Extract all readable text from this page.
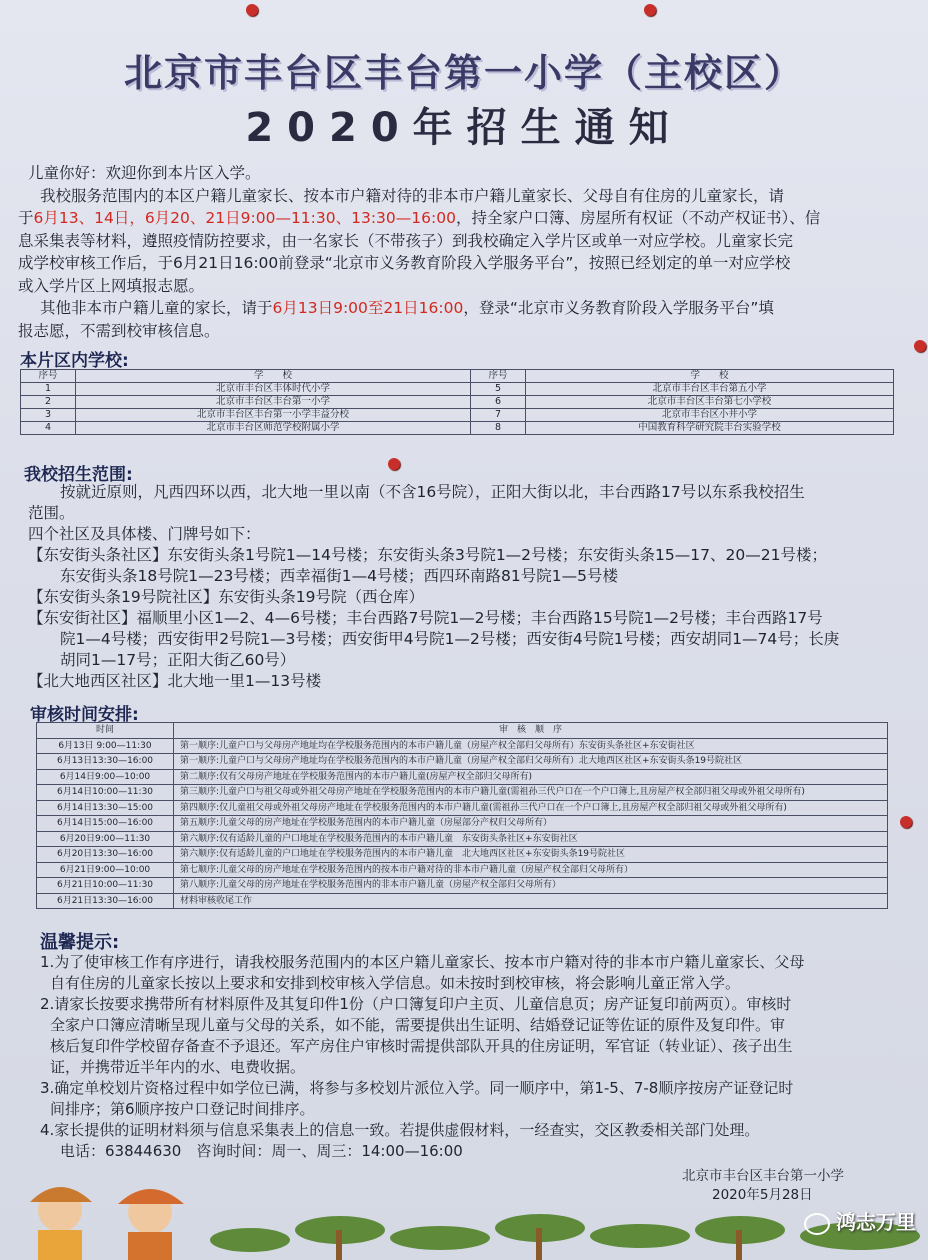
北京市丰台区丰台第一小学（主校区）
2020年招生通知
儿童你好：欢迎你到本片区入学。
我校服务范围内的本区户籍儿童家长、按本市户籍对待的非本市户籍儿童家长、父母自有住房的儿童家长，请
于6月13、14日，6月20、21日9:00—11:30、13:30—16:00，持全家户口簿、房屋所有权证（不动产权证书）、信
息采集表等材料，遵照疫情防控要求，由一名家长（不带孩子）到我校确定入学片区或单一对应学校。儿童家长完
成学校审核工作后，于6月21日16:00前登录“北京市义务教育阶段入学服务平台”，按照已经划定的单一对应学校
或入学片区上网填报志愿。
其他非本市户籍儿童的家长，请于6月13日9:00至21日16:00，登录“北京市义务教育阶段入学服务平台”填
报志愿，不需到校审核信息。
本片区内学校:
序号	学　　校	序号	学　　校
1	北京市丰台区丰体时代小学	5	北京市丰台区丰台第五小学
2	北京市丰台区丰台第一小学	6	北京市丰台区丰台第七小学校
3	北京市丰台区丰台第一小学丰益分校	7	北京市丰台区小井小学
4	北京市丰台区师范学校附属小学	8	中国教育科学研究院丰台实验学校
我校招生范围:
按就近原则，凡西四环以西，北大地一里以南（不含16号院），正阳大街以北，丰台西路17号以东系我校招生
范围。
四个社区及具体楼、门牌号如下：
【东安街头条社区】东安街头条1号院1—14号楼；东安街头条3号院1—2号楼；东安街头条15—17、20—21号楼；
东安街头条18号院1—23号楼；西幸福街1—4号楼；西四环南路81号院1—5号楼
【东安街头条19号院社区】东安街头条19号院（西仓库）
【东安街社区】福顺里小区1—2、4—6号楼；丰台西路7号院1—2号楼；丰台西路15号院1—2号楼；丰台西路17号
院1—4号楼；西安街甲2号院1—3号楼；西安街甲4号院1—2号楼；西安街4号院1号楼；西安胡同1—74号；长庚
胡同1—17号；正阳大街乙60号）
【北大地西区社区】北大地一里1—13号楼
审核时间安排:
时间	审　核　顺　序
6月13日 9:00—11:30	第一顺序:儿童户口与父母房产地址均在学校服务范围内的本市户籍儿童（房屋产权全部归父母所有）东安街头条社区+东安街社区
6月13日13:30—16:00	第一顺序:儿童户口与父母房产地址均在学校服务范围内的本市户籍儿童（房屋产权全部归父母所有）北大地西区社区+东安街头条19号院社区
6月14日9:00—10:00	第二顺序:仅有父母房产地址在学校服务范围内的本市户籍儿童(房屋产权全部归父母所有)
6月14日10:00—11:30	第三顺序:儿童户口与祖父母或外祖父母房产地址在学校服务范围内的本市户籍儿童(需祖孙三代户口在一个户口簿上,且房屋产权全部归祖父母或外祖父母所有)
6月14日13:30—15:00	第四顺序:仅儿童祖父母或外祖父母房产地址在学校服务范围内的本市户籍儿童(需祖孙三代户口在一个户口簿上,且房屋产权全部归祖父母或外祖父母所有)
6月14日15:00—16:00	第五顺序:儿童父母的房产地址在学校服务范围内的本市户籍儿童（房屋部分产权归父母所有）
6月20日9:00—11:30	第六顺序:仅有适龄儿童的户口地址在学校服务范围内的本市户籍儿童　东安街头条社区+东安街社区
6月20日13:30—16:00	第六顺序:仅有适龄儿童的户口地址在学校服务范围内的本市户籍儿童　北大地西区社区+东安街头条19号院社区
6月21日9:00—10:00	第七顺序:儿童父母的房产地址在学校服务范围内的按本市户籍对待的非本市户籍儿童（房屋产权全部归父母所有）
6月21日10:00—11:30	第八顺序:儿童父母的房产地址在学校服务范围内的非本市户籍儿童（房屋产权全部归父母所有）
6月21日13:30—16:00	材料审核收尾工作
温馨提示:
1.为了使审核工作有序进行，请我校服务范围内的本区户籍儿童家长、按本市户籍对待的非本市户籍儿童家长、父母
自有住房的儿童家长按以上要求和安排到校审核入学信息。如未按时到校审核，将会影响儿童正常入学。
2.请家长按要求携带所有材料原件及其复印件1份（户口簿复印户主页、儿童信息页；房产证复印前两页）。审核时
全家户口簿应清晰呈现儿童与父母的关系，如不能，需要提供出生证明、结婚登记证等佐证的原件及复印件。审
核后复印件学校留存备查不予退还。军产房住户审核时需提供部队开具的住房证明，军官证（转业证）、孩子出生
证，并携带近半年内的水、电费收据。
3.确定单校划片资格过程中如学位已满，将参与多校划片派位入学。同一顺序中，第1-5、7-8顺序按房产证登记时
间排序；第6顺序按户口登记时间排序。
4.家长提供的证明材料须与信息采集表上的信息一致。若提供虚假材料，一经查实，交区教委相关部门处理。
电话：63844630　咨询时间：周一、周三：14:00—16:00
北京市丰台区丰台第一小学
2020年5月28日
鸿志万里
